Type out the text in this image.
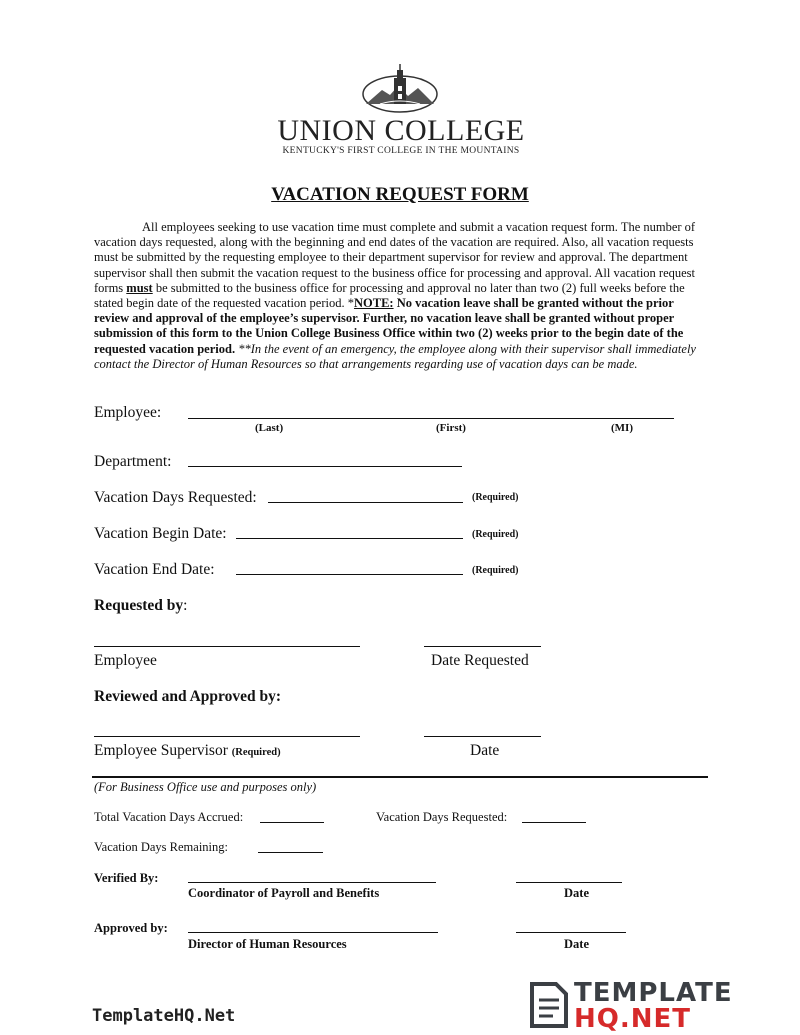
UNION COLLEGE
KENTUCKY'S FIRST COLLEGE IN THE MOUNTAINS
VACATION REQUEST FORM
All employees seeking to use vacation time must complete and submit a vacation request form. The number of vacation days requested, along with the beginning and end dates of the vacation are required. Also, all vacation requests must be submitted by the requesting employee to their department supervisor for review and approval. The department supervisor shall then submit the vacation request to the business office for processing and approval. All vacation request forms must be submitted to the business office for processing and approval no later than two (2) full weeks before the stated begin date of the requested vacation period. *NOTE: No vacation leave shall be granted without the prior review and approval of the employee’s supervisor. Further, no vacation leave shall be granted without proper submission of this form to the Union College Business Office within two (2) weeks prior to the begin date of the requested vacation period. **In the event of an emergency, the employee along with their supervisor shall immediately contact the Director of Human Resources so that arrangements regarding use of vacation days can be made.
Employee:
(Last)	(First)	(MI)
Department:
Vacation Days Requested:	(Required)
Vacation Begin Date:	(Required)
Vacation End Date:	(Required)
Requested by:
Employee	Date Requested
Reviewed and Approved by:
Employee Supervisor (Required)	Date
(For Business Office use and purposes only)
Total Vacation Days Accrued:	Vacation Days Requested:
Vacation Days Remaining:
Verified By:
Coordinator of Payroll and Benefits	Date
Approved by:
Director of Human Resources	Date
TemplateHQ.Net
TEMPLATE
HQ.NET
